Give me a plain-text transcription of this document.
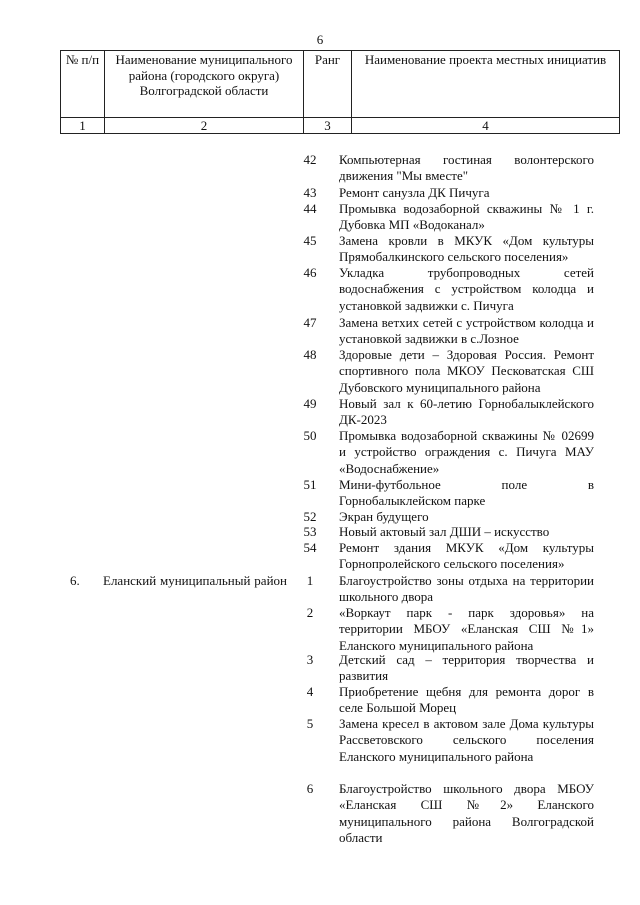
6
№ п/п	Наименование муниципального района (городского округа) Волгоградской области	Ранг	Наименование проекта местных инициатив
1	2	3	4
42	Компьютерная гостиная волонтерского движения "Мы вместе"
43	Ремонт санузла ДК Пичуга
44	Промывка водозаборной скважины № 1 г. Дубовка МП «Водоканал»
45	Замена кровли в МКУК «Дом культуры Прямобалкинского сельского поселения»
46	Укладка трубопроводных сетей водоснабжения с устройством колодца и установкой задвижки с. Пичуга
47	Замена ветхих сетей с устройством колодца и установкой задвижки в с.Лозное
48	Здоровые дети – Здоровая Россия. Ремонт спортивного пола МКОУ Песковатская СШ Дубовского муниципального района
49	Новый зал к 60-летию Горнобалыклейского ДК-2023
50	Промывка водозаборной скважины № 02699 и устройство ограждения с. Пичуга МАУ «Водоснабжение»
51	Мини-футбольное поле в Горнобалыклейском парке
52	Экран будущего
53	Новый актовый зал ДШИ – искусство
54	Ремонт здания МКУК «Дом культуры Горнопролейского сельского поселения»
6.	Еланский муниципальный район	1	Благоустройство зоны отдыха на территории школьного двора
2	«Воркаут парк - парк здоровья» на территории МБОУ «Еланская СШ №1» Еланского муниципального района
3	Детский сад – территория творчества и развития
4	Приобретение щебня для ремонта дорог в селе Большой Морец
5	Замена кресел в актовом зале Дома культуры Рассветовского сельского поселения Еланского муниципального района
6	Благоустройство школьного двора МБОУ «Еланская СШ №2» Еланского муниципального района Волгоградской области
